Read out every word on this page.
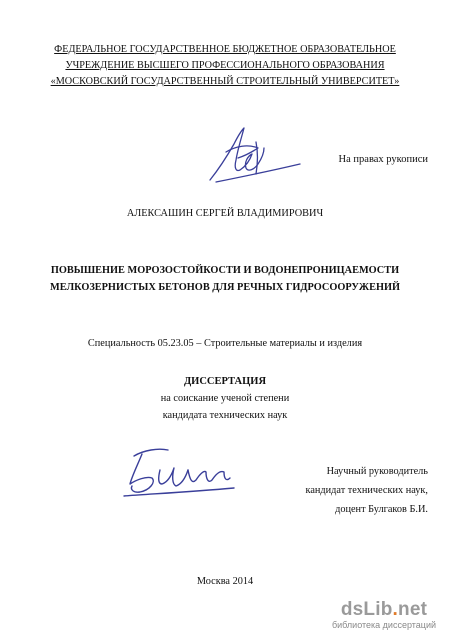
ФЕДЕРАЛЬНОЕ ГОСУДАРСТВЕННОЕ БЮДЖЕТНОЕ ОБРАЗОВАТЕЛЬНОЕ
УЧРЕЖДЕНИЕ ВЫСШЕГО ПРОФЕССИОНАЛЬНОГО ОБРАЗОВАНИЯ
«МОСКОВСКИЙ ГОСУДАРСТВЕННЫЙ СТРОИТЕЛЬНЫЙ УНИВЕРСИТЕТ»
На правах рукописи
АЛЕКСАШИН СЕРГЕЙ ВЛАДИМИРОВИЧ
ПОВЫШЕНИЕ МОРОЗОСТОЙКОСТИ И ВОДОНЕПРОНИЦАЕМОСТИ
МЕЛКОЗЕРНИСТЫХ БЕТОНОВ ДЛЯ РЕЧНЫХ ГИДРОСООРУЖЕНИЙ
Специальность 05.23.05 – Строительные материалы и изделия
ДИССЕРТАЦИЯ
на соискание ученой степени
кандидата технических наук
Научный руководитель
кандидат технических наук,
доцент Булгаков Б.И.
Москва 2014
dsLib.net
библиотека диссертаций
